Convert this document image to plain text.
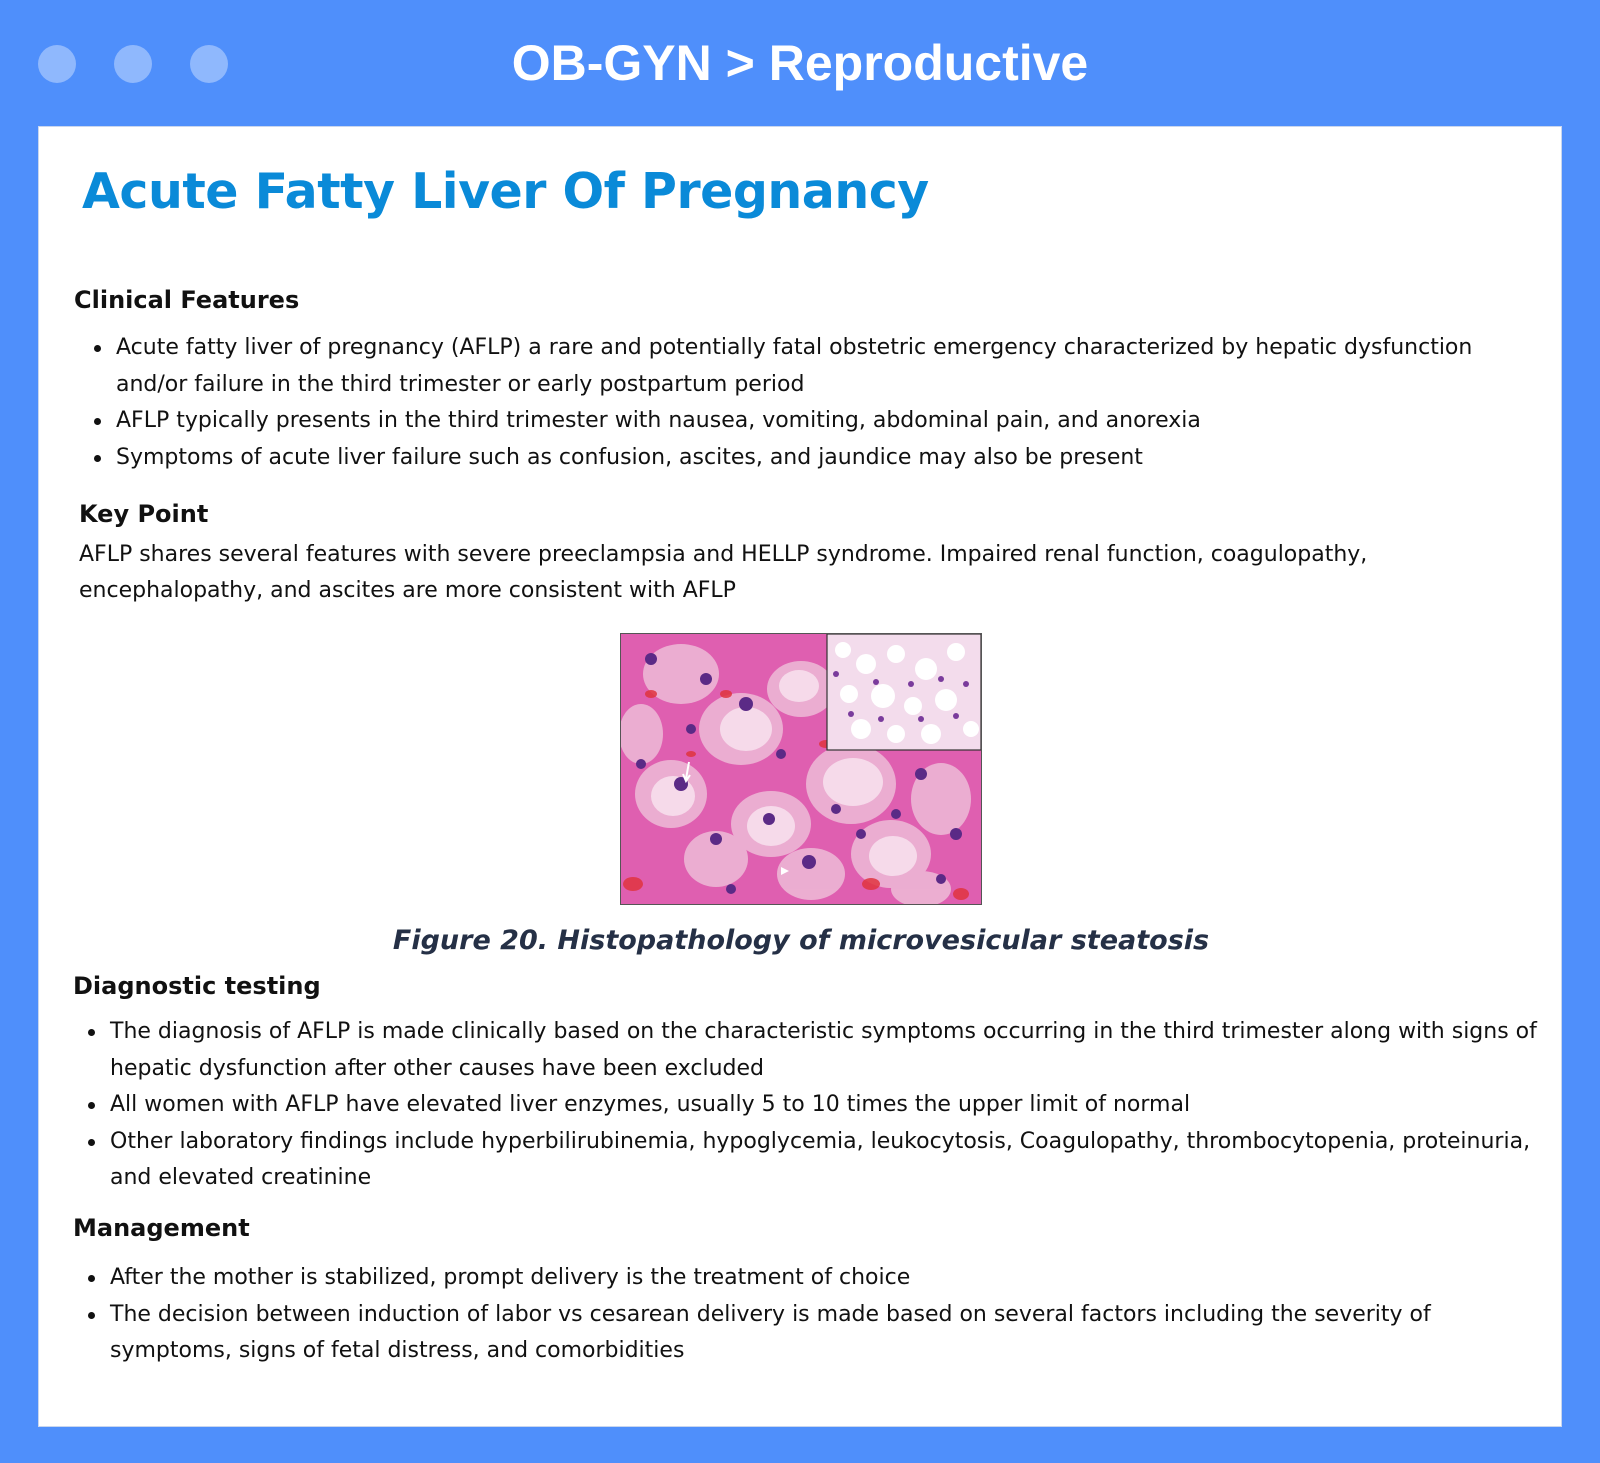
OB-GYN > Reproductive
Acute Fatty Liver Of Pregnancy
Clinical Features
Acute fatty liver of pregnancy (AFLP) a rare and potentially fatal obstetric emergency characterized by hepatic dysfunction and/or failure in the third trimester or early postpartum period
AFLP typically presents in the third trimester with nausea, vomiting, abdominal pain, and anorexia
Symptoms of acute liver failure such as confusion, ascites, and jaundice may also be present
Key Point

AFLP shares several features with severe preeclampsia and HELLP syndrome. Impaired renal function, coagulopathy, encephalopathy, and ascites are more consistent with AFLP

Figure 20. Histopathology of microvesicular steatosis
Diagnostic testing
The diagnosis of AFLP is made clinically based on the characteristic symptoms occurring in the third trimester along with signs of hepatic dysfunction after other causes have been excluded
All women with AFLP have elevated liver enzymes, usually 5 to 10 times the upper limit of normal
Other laboratory findings include hyperbilirubinemia, hypoglycemia, leukocytosis, Coagulopathy, thrombocytopenia, proteinuria, and elevated creatinine
Management
After the mother is stabilized, prompt delivery is the treatment of choice
The decision between induction of labor vs cesarean delivery is made based on several factors including the severity of symptoms, signs of fetal distress, and comorbidities
